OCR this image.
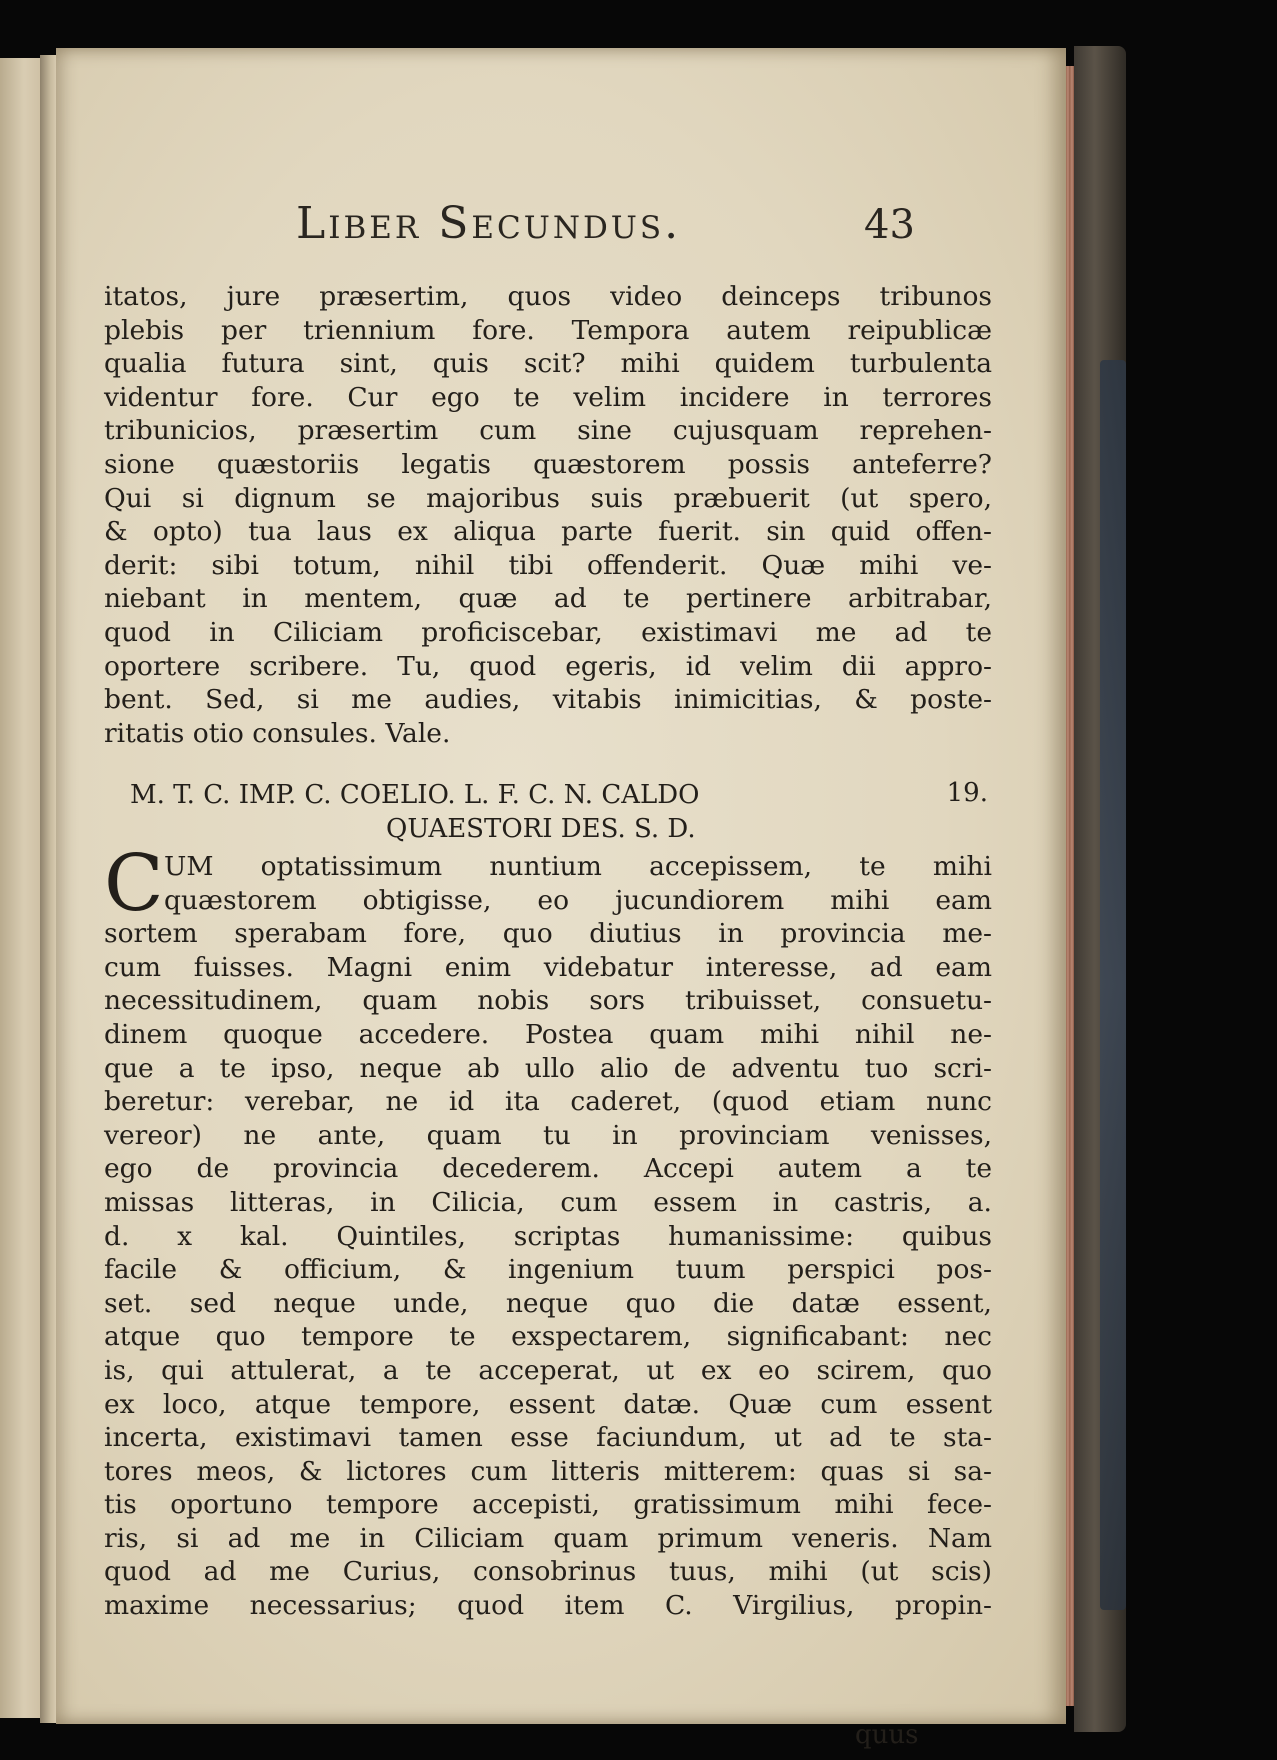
Liber Secundus.	43
itatos, jure præsertim, quos video deinceps tribunos
plebis per triennium fore. Tempora autem reipublicæ
qualia futura sint, quis scit? mihi quidem turbulenta
videntur fore. Cur ego te velim incidere in terrores
tribunicios, præsertim cum sine cujusquam reprehen-
sione quæstoriis legatis quæstorem possis anteferre?
Qui si dignum se majoribus suis præbuerit (ut spero,
& opto) tua laus ex aliqua parte fuerit. sin quid offen-
derit: sibi totum, nihil tibi offenderit. Quæ mihi ve-
niebant in mentem, quæ ad te pertinere arbitrabar,
quod in Ciliciam proficiscebar, existimavi me ad te
oportere scribere. Tu, quod egeris, id velim dii appro-
bent. Sed, si me audies, vitabis inimicitias, & poste-
ritatis otio consules. Vale.
M. T. C. IMP. C. COELIO. L. F. C. N. CALDO	19.
QUAESTORI DES. S. D.
C UM optatissimum nuntium accepissem, te mihi
quæstorem obtigisse, eo jucundiorem mihi eam
sortem sperabam fore, quo diutius in provincia me-
cum fuisses. Magni enim videbatur interesse, ad eam
necessitudinem, quam nobis sors tribuisset, consuetu-
dinem quoque accedere. Postea quam mihi nihil ne-
que a te ipso, neque ab ullo alio de adventu tuo scri-
beretur: verebar, ne id ita caderet, (quod etiam nunc
vereor) ne ante, quam tu in provinciam venisses,
ego de provincia decederem. Accepi autem a te
missas litteras, in Cilicia, cum essem in castris, a.
d. x kal. Quintiles, scriptas humanissime: quibus
facile & officium, & ingenium tuum perspici pos-
set. sed neque unde, neque quo die datæ essent,
atque quo tempore te exspectarem, significabant: nec
is, qui attulerat, a te acceperat, ut ex eo scirem, quo
ex loco, atque tempore, essent datæ. Quæ cum essent
incerta, existimavi tamen esse faciundum, ut ad te sta-
tores meos, & lictores cum litteris mitterem: quas si sa-
tis oportuno tempore accepisti, gratissimum mihi fece-
ris, si ad me in Ciliciam quam primum veneris. Nam
quod ad me Curius, consobrinus tuus, mihi (ut scis)
maxime necessarius; quod item C. Virgilius, propin-
quus
